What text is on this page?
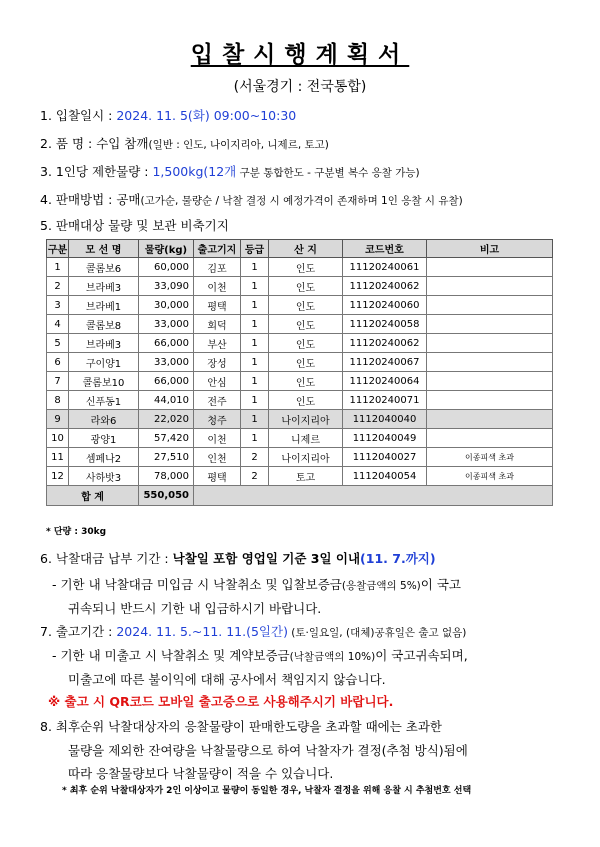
입찰시행계획서
(서울경기 : 전국통합)
1. 입찰일시 : 2024. 11. 5(화) 09:00~10:30
2. 품 명 : 수입 참깨(일반 : 인도, 나이지리아, 니제르, 토고)
3. 1인당 제한물량 : 1,500kg(12개 구분 통합한도 - 구분별 복수 응찰 가능)
4. 판매방법 : 공매(고가순, 물량순 / 낙찰 결정 시 예정가격이 존재하며 1인 응찰 시 유찰)
5. 판매대상 물량 및 보관 비축기지
구분	모 선 명	물량(kg)	출고기지	등급	산 지	코드번호	비고
1	콜롬보6	60,000	김포	1	인도	11120240061	
2	브라베3	33,090	이천	1	인도	11120240062	
3	브라베1	30,000	평택	1	인도	11120240060	
4	콜롬보8	33,000	회덕	1	인도	11120240058	
5	브라베3	66,000	부산	1	인도	11120240062	
6	구이양1	33,000	장성	1	인도	11120240067	
7	콜롬보10	66,000	안심	1	인도	11120240064	
8	신푸동1	44,010	전주	1	인도	11120240071	
9	라와6	22,020	청주	1	나이지리아	1112040040	
10	광양1	57,420	이천	1	니제르	1112040049	
11	셈페나2	27,510	인천	2	나이지리아	1112040027	이종피색 초과
12	사하밧3	78,000	평택	2	토고	1112040054	이종피색 초과
합 계		550,050					
* 단량 : 30kg
6. 낙찰대금 납부 기간 : 낙찰일 포함 영업일 기준 3일 이내(11. 7.까지)
- 기한 내 낙찰대금 미입금 시 낙찰취소 및 입찰보증금(응찰금액의 5%)이 국고
귀속되니 반드시 기한 내 입금하시기 바랍니다.
7. 출고기간 : 2024. 11. 5.~11. 11.(5일간) (토·일요일, (대체)공휴일은 출고 없음)
- 기한 내 미출고 시 낙찰취소 및 계약보증금(낙찰금액의 10%)이 국고귀속되며,
미출고에 따른 불이익에 대해 공사에서 책임지지 않습니다.
※ 출고 시 QR코드 모바일 출고증으로 사용해주시기 바랍니다.
8. 최후순위 낙찰대상자의 응찰물량이 판매한도량을 초과할 때에는 초과한
물량을 제외한 잔여량을 낙찰물량으로 하여 낙찰자가 결정(추첨 방식)됨에
따라 응찰물량보다 낙찰물량이 적을 수 있습니다.
* 최후 순위 낙찰대상자가 2인 이상이고 물량이 동일한 경우, 낙찰자 결정을 위해 응찰 시 추첨번호 선택
